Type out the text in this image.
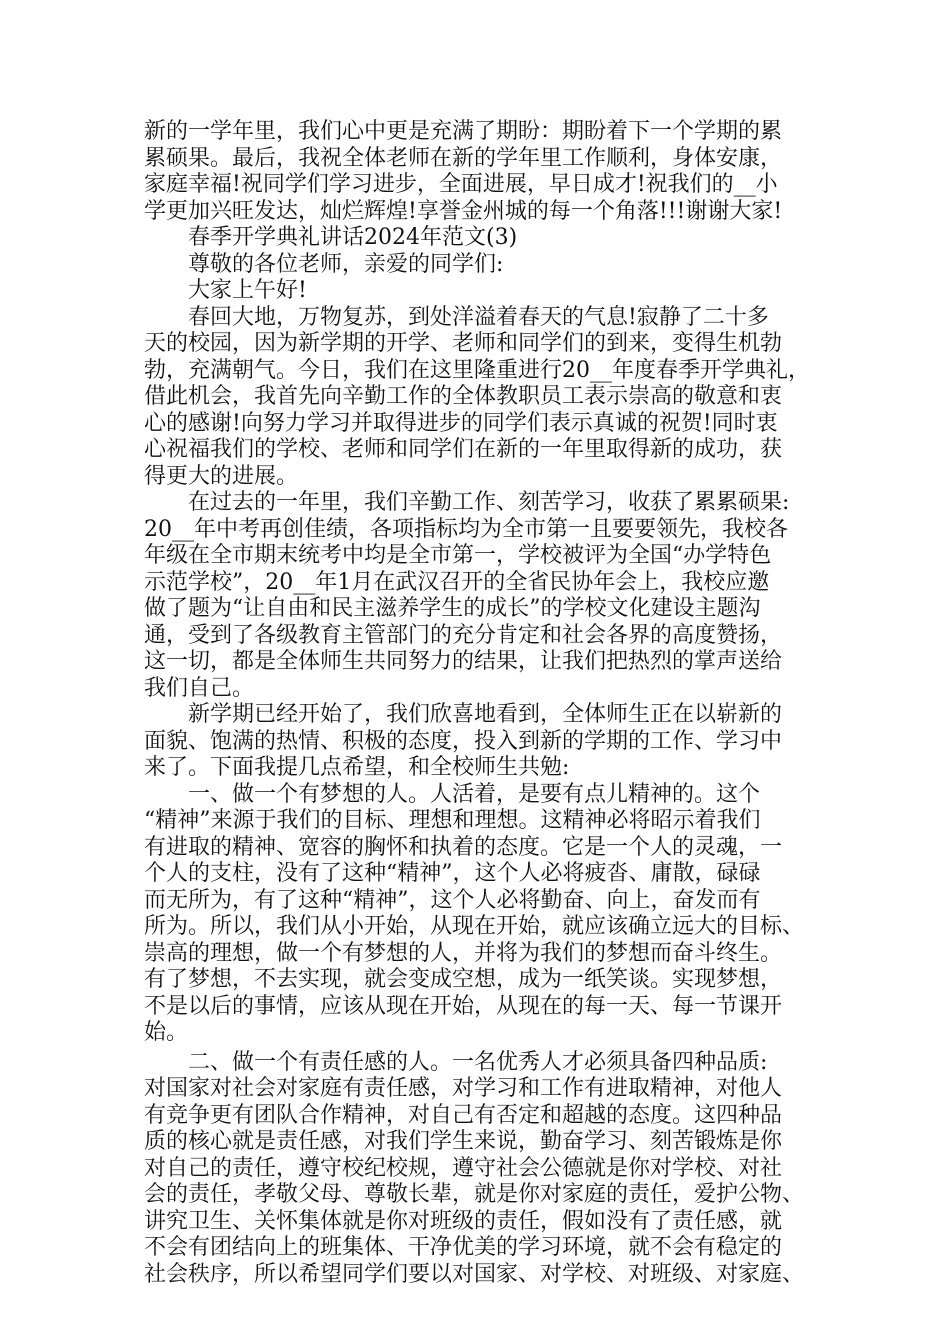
新的一学年里，我们心中更是充满了期盼：期盼着下一个学期的累
累硕果。最后，我祝全体老师在新的学年里工作顺利，身体安康，
家庭幸福!祝同学们学习进步，全面进展，早日成才!祝我们的__小
学更加兴旺发达，灿烂辉煌!享誉金州城的每一个角落!!!谢谢大家!
　　春季开学典礼讲话2024年范文(3)
　　尊敬的各位老师，亲爱的同学们:
　　大家上午好!
　　春回大地，万物复苏，到处洋溢着春天的气息!寂静了二十多
天的校园，因为新学期的开学、老师和同学们的到来，变得生机勃
勃，充满朝气。今日，我们在这里隆重进行20__年度春季开学典礼，
借此机会，我首先向辛勤工作的全体教职员工表示崇高的敬意和衷
心的感谢!向努力学习并取得进步的同学们表示真诚的祝贺!同时衷
心祝福我们的学校、老师和同学们在新的一年里取得新的成功，获
得更大的进展。
　　在过去的一年里，我们辛勤工作、刻苦学习，收获了累累硕果:
20__年中考再创佳绩，各项指标均为全市第一且要要领先，我校各
年级在全市期末统考中均是全市第一，学校被评为全国“办学特色
示范学校”，20__年1月在武汉召开的全省民协年会上，我校应邀
做了题为“让自由和民主滋养学生的成长”的学校文化建设主题沟
通，受到了各级教育主管部门的充分肯定和社会各界的高度赞扬，
这一切，都是全体师生共同努力的结果，让我们把热烈的掌声送给
我们自己。
　　新学期已经开始了，我们欣喜地看到，全体师生正在以崭新的
面貌、饱满的热情、积极的态度，投入到新的学期的工作、学习中
来了。下面我提几点希望，和全校师生共勉:
　　一、做一个有梦想的人。人活着，是要有点儿精神的。这个
“精神”来源于我们的目标、理想和理想。这精神必将昭示着我们
有进取的精神、宽容的胸怀和执着的态度。它是一个人的灵魂，一
个人的支柱，没有了这种“精神”，这个人必将疲沓、庸散，碌碌
而无所为，有了这种“精神”，这个人必将勤奋、向上，奋发而有
所为。所以，我们从小开始，从现在开始，就应该确立远大的目标、
崇高的理想，做一个有梦想的人，并将为我们的梦想而奋斗终生。
有了梦想，不去实现，就会变成空想，成为一纸笑谈。实现梦想，
不是以后的事情，应该从现在开始，从现在的每一天、每一节课开
始。
　　二、做一个有责任感的人。一名优秀人才必须具备四种品质:
对国家对社会对家庭有责任感，对学习和工作有进取精神，对他人
有竞争更有团队合作精神，对自己有否定和超越的态度。这四种品
质的核心就是责任感，对我们学生来说，勤奋学习、刻苦锻炼是你
对自己的责任，遵守校纪校规，遵守社会公德就是你对学校、对社
会的责任，孝敬父母、尊敬长辈，就是你对家庭的责任，爱护公物、
讲究卫生、关怀集体就是你对班级的责任，假如没有了责任感，就
不会有团结向上的班集体、干净优美的学习环境，就不会有稳定的
社会秩序，所以希望同学们要以对国家、对学校、对班级、对家庭、
